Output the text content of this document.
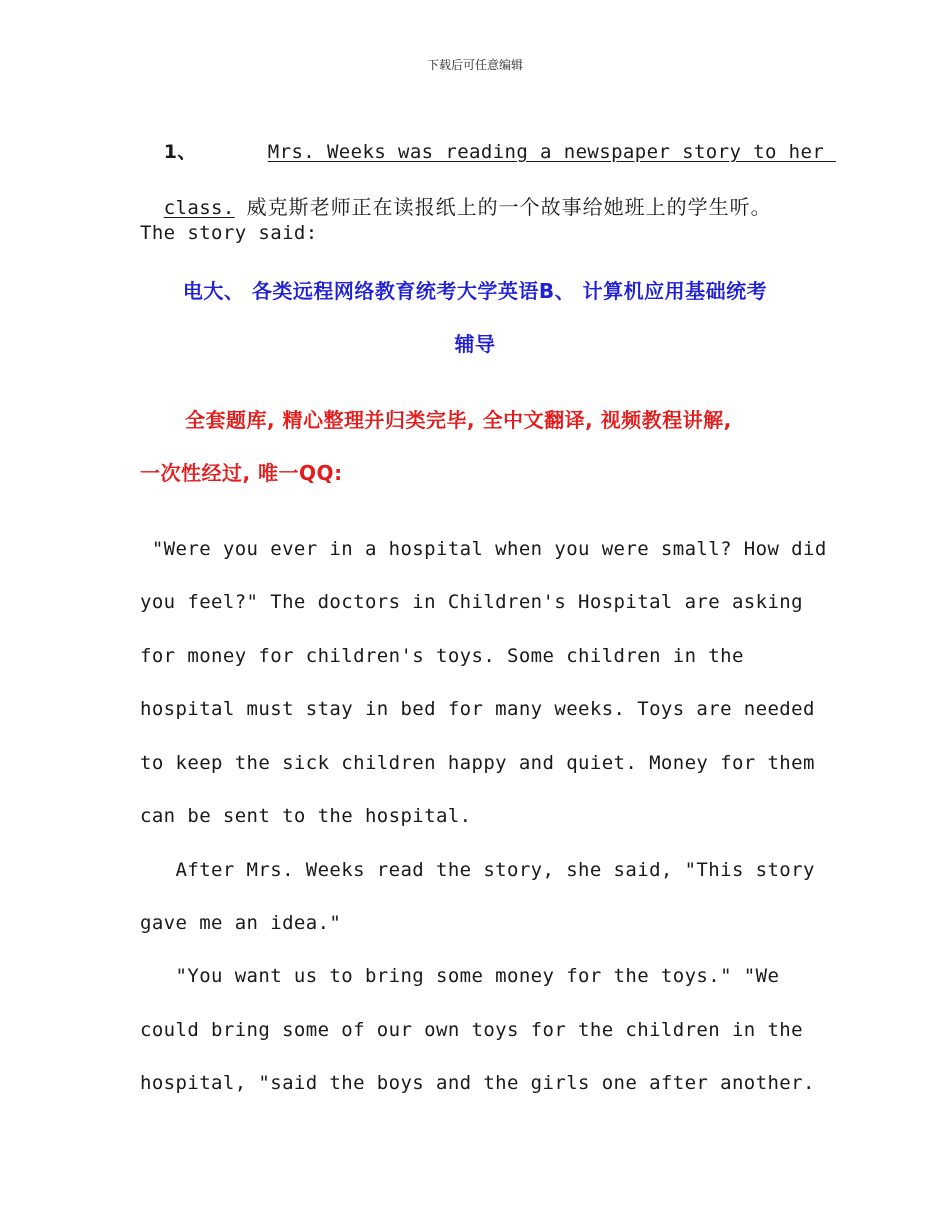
下载后可任意编辑

1、	Mrs. Weeks was reading a newspaper story to her

class. 威克斯老师正在读报纸上的一个故事给她班上的学生听。

The story said:
电大、 各类远程网络教育统考大学英语B、 计算机应用基础统考
辅导
全套题库, 精心整理并归类完毕, 全中文翻译, 视频教程讲解,
一次性经过, 唯一QQ:
"Were you ever in a hospital when you were small? How did
you feel?" The doctors in Children's Hospital are asking
for money for children's toys. Some children in the
hospital must stay in bed for many weeks. Toys are needed
to keep the sick children happy and quiet. Money for them
can be sent to the hospital.
After Mrs. Weeks read the story, she said, "This story
gave me an idea."
"You want us to bring some money for the toys." "We
could bring some of our own toys for the children in the
hospital, "said the boys and the girls one after another.
